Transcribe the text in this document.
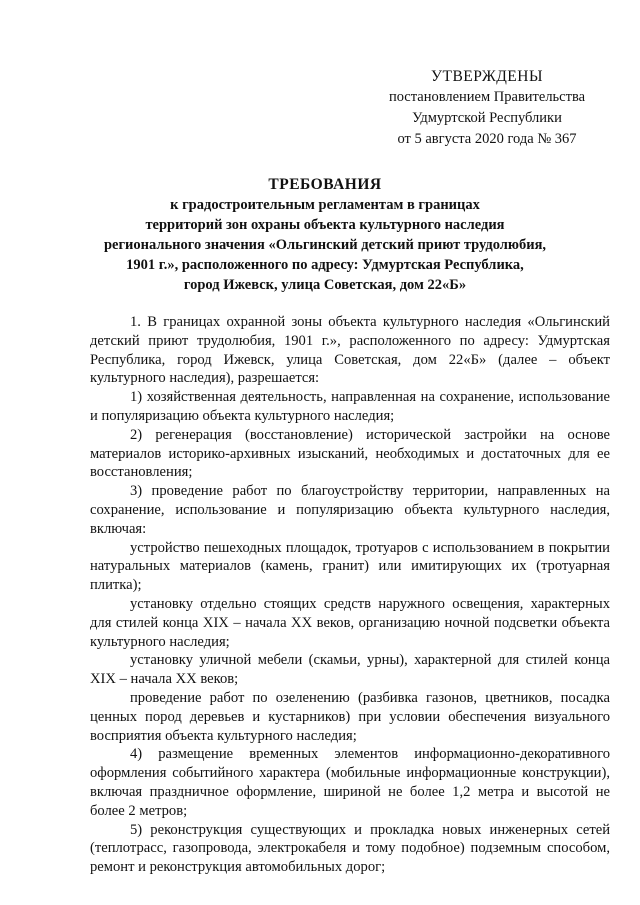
УТВЕРЖДЕНЫ
постановлением Правительства
Удмуртской Республики
от 5 августа 2020 года № 367
ТРЕБОВАНИЯ
к градостроительным регламентам в границах
территорий зон охраны объекта культурного наследия
регионального значения «Ольгинский детский приют трудолюбия,
1901 г.», расположенного по адресу: Удмуртская Республика,
город Ижевск, улица Советская, дом 22«Б»

1. В границах охранной зоны объекта культурного наследия «Ольгинский детский приют трудолюбия, 1901 г.», расположенного по адресу: Удмуртская Республика, город Ижевск, улица Советская, дом 22«Б» (далее – объект культурного наследия), разрешается:

1) хозяйственная деятельность, направленная на сохранение, использование и популяризацию объекта культурного наследия;

2) регенерация (восстановление) исторической застройки на основе материалов историко-архивных изысканий, необходимых и достаточных для ее восстановления;

3) проведение работ по благоустройству территории, направленных на сохранение, использование и популяризацию объекта культурного наследия, включая:

устройство пешеходных площадок, тротуаров с использованием в покрытии натуральных материалов (камень, гранит) или имитирующих их (тротуарная плитка);

установку отдельно стоящих средств наружного освещения, характерных для стилей конца XIX – начала XX веков, организацию ночной подсветки объекта культурного наследия;

установку уличной мебели (скамьи, урны), характерной для стилей конца XIX – начала XX веков;

проведение работ по озеленению (разбивка газонов, цветников, посадка ценных пород деревьев и кустарников) при условии обеспечения визуального восприятия объекта культурного наследия;

4) размещение временных элементов информационно-декоративного оформления событийного характера (мобильные информационные конструкции), включая праздничное оформление, шириной не более 1,2 метра и высотой не более 2 метров;

5) реконструкция существующих и прокладка новых инженерных сетей (теплотрасс, газопровода, электрокабеля и тому подобное) подземным способом, ремонт и реконструкция автомобильных дорог;
